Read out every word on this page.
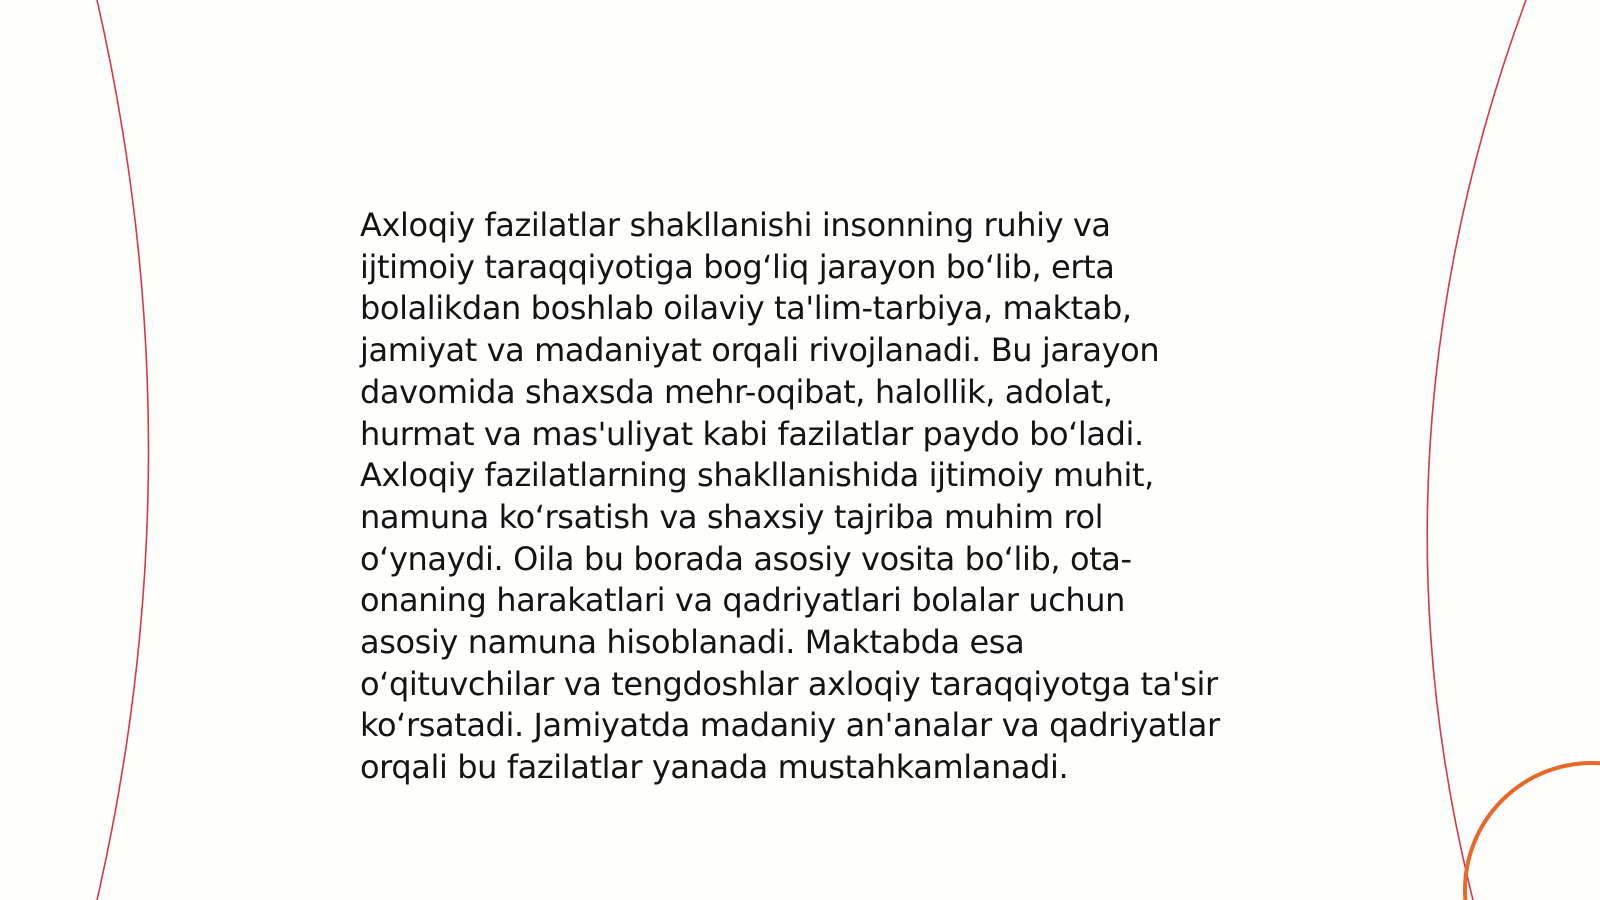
Axloqiy fazilatlar shakllanishi insonning ruhiy va
ijtimoiy taraqqiyotiga bog‘liq jarayon bo‘lib, erta
bolalikdan boshlab oilaviy ta'lim-tarbiya, maktab,
jamiyat va madaniyat orqali rivojlanadi. Bu jarayon
davomida shaxsda mehr-oqibat, halollik, adolat,
hurmat va mas'uliyat kabi fazilatlar paydo bo‘ladi.
Axloqiy fazilatlarning shakllanishida ijtimoiy muhit,
namuna ko‘rsatish va shaxsiy tajriba muhim rol
o‘ynaydi. Oila bu borada asosiy vosita bo‘lib, ota-
onaning harakatlari va qadriyatlari bolalar uchun
asosiy namuna hisoblanadi. Maktabda esa
o‘qituvchilar va tengdoshlar axloqiy taraqqiyotga ta'sir
ko‘rsatadi. Jamiyatda madaniy an'analar va qadriyatlar
orqali bu fazilatlar yanada mustahkamlanadi.
